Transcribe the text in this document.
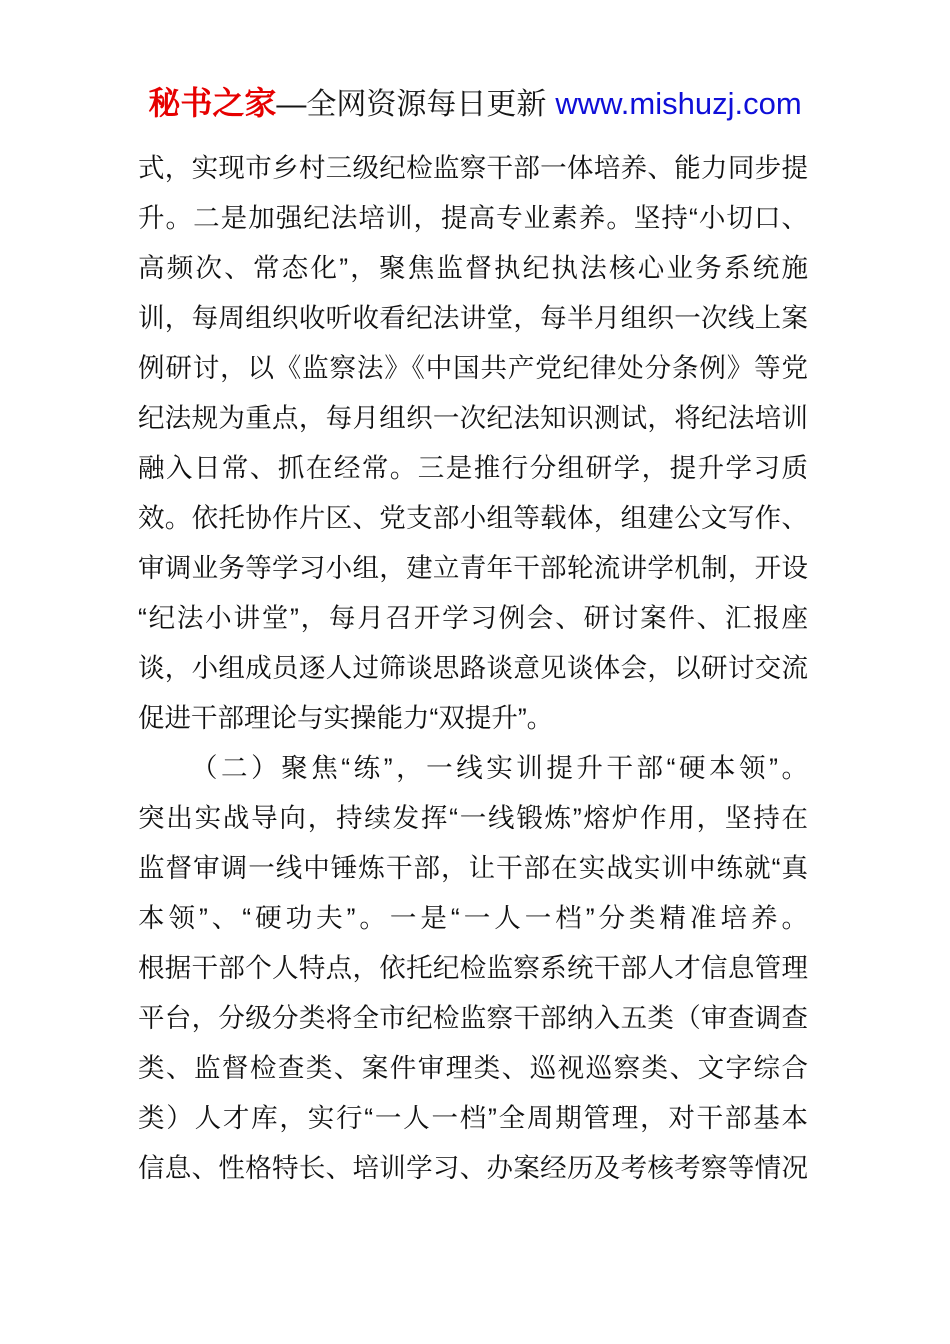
秘书之家—全网资源每日更新 www.mishuzj.com
式，实现市乡村三级纪检监察干部一体培养、能力同步提
升。二是加强纪法培训，提高专业素养。坚持“小切口、
高频次、常态化”，聚焦监督执纪执法核心业务系统施
训，每周组织收听收看纪法讲堂，每半月组织一次线上案
例研讨，以《监察法》《中国共产党纪律处分条例》等党
纪法规为重点，每月组织一次纪法知识测试，将纪法培训
融入日常、抓在经常。三是推行分组研学，提升学习质
效。依托协作片区、党支部小组等载体，组建公文写作、
审调业务等学习小组，建立青年干部轮流讲学机制，开设
“纪法小讲堂”，每月召开学习例会、研讨案件、汇报座
谈，小组成员逐人过筛谈思路谈意见谈体会，以研讨交流
促进干部理论与实操能力“双提升”。
（二）聚焦“练”，一线实训提升干部“硬本领”。
突出实战导向，持续发挥“一线锻炼”熔炉作用，坚持在
监督审调一线中锤炼干部，让干部在实战实训中练就“真
本领”、“硬功夫”。一是“一人一档”分类精准培养。
根据干部个人特点，依托纪检监察系统干部人才信息管理
平台，分级分类将全市纪检监察干部纳入五类（审查调查
类、监督检查类、案件审理类、巡视巡察类、文字综合
类）人才库，实行“一人一档”全周期管理，对干部基本
信息、性格特长、培训学习、办案经历及考核考察等情况
